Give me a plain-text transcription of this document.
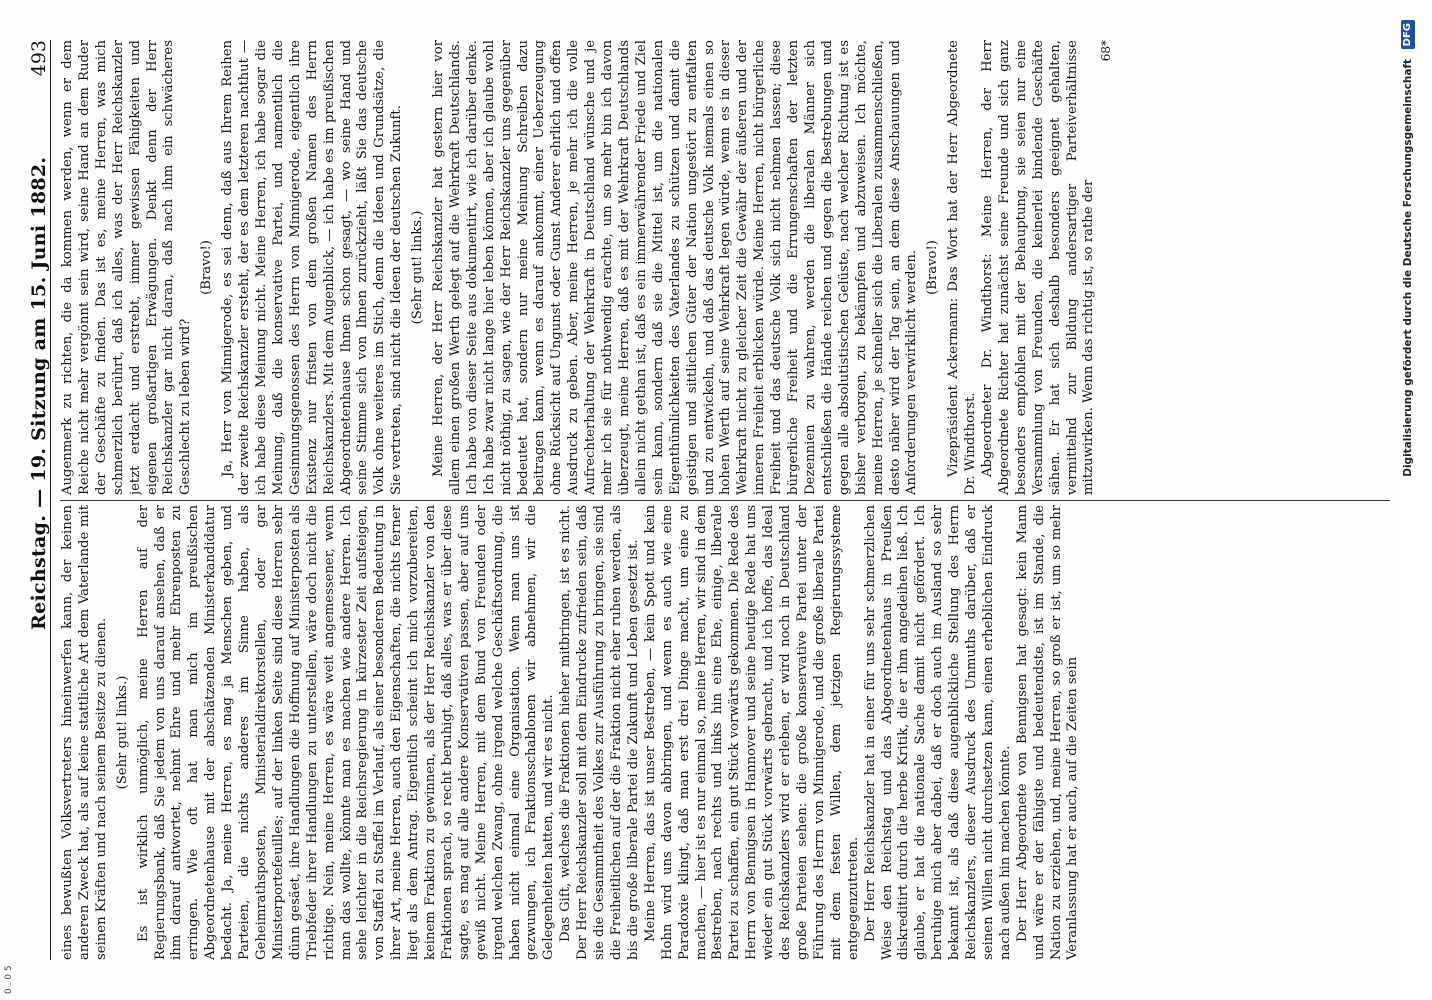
0 . 0 5
Reichstag. — 19. Sitzung am 15. Juni 1882.
493

eines bewußten Volksvertreters hineinwerfen kann, der keinen anderen Zweck hat, als auf keine stattliche Art dem Vaterlande mit seinen Kräften und nach seinem Besitze zu dienen. (Sehr gut! links.) Es ist wirklich unmöglich, meine Herren auf der Regierungsbank, daß Sie jedem von uns darauf ansehen, daß er ihm darauf antwortet, nehmt Ehre und mehr Ehrenposten zu erringen. Wie oft hat man mich im preußischen Abgeordnetenhause mit der abschätzenden Ministerkandidatur bedacht. Ja, meine Herren, es mag ja Menschen geben, und Parteien, die nichts anderes im Sinne haben, als Geheimrathsposten, Ministerialdirektorstellen, oder gar Ministerportefeuilles; auf der linken Seite sind diese Herren sehr dünn gesäet, ihre Handlungen die Hoffnung auf Ministerposten als Triebfeder ihrer Handlungen zu unterstellen, wäre doch nicht die richtige. Nein, meine Herren, es wäre weit angemessener, wenn man das wollte, könnte man es machen wie andere Herren. Ich sehe leichter in die Reichsregierung in kürzester Zeit aufsteigen, von Staffel zu Staffel im Verlauf, als einer besonderen Bedeutung in ihrer Art, meine Herren, auch den Eigenschaften, die nichts ferner liegt als dem Antrag. Eigentlich scheint ich mich vorzubereiten, keinem Fraktion zu gewinnen, als der Herr Reichskanzler von den Fraktionen sprach, so recht beruhigt, daß alles, was er über diese sagte, es mag auf alle andere Konservativen passen, aber auf uns gewiß nicht. Meine Herren, mit dem Bund von Freunden oder irgend welchen Zwang, ohne irgend welche Geschäftsordnung, die haben nicht einmal eine Organisation. Wenn man uns ist gezwungen, ich Fraktionsschablonen wir abnehmen, wir die Gelegenheiten hatten, und wir es nicht. Das Gift, welches die Fraktionen hieher mitbringen, ist es nicht. Der Herr Reichskanzler soll mit dem Eindrucke zufrieden sein, daß sie die Gesammtheit des Volkes zur Ausführung zu bringen, sie sind die Freiheitlichen auf der die Fraktion nicht eher ruhen werden, als bis die große liberale Partei die Zukunft und Leben gesetzt ist. Meine Herren, das ist unser Bestreben, — kein Spott und kein Hohn wird uns davon abbringen, und wenn es auch wie eine Paradoxie klingt, daß man erst drei Dinge macht, um eine zu machen, — hier ist es nur einmal so, meine Herren, wir sind in dem Bestreben, nach rechts und links hin eine Ehe, einige, liberale Partei zu schaffen, ein gut Stück vorwärts gekommen. Die Rede des Herrn von Bennigsen in Hannover und seine heutige Rede hat uns wieder ein gut Stück vorwärts gebracht, und ich hoffe, das Ideal des Reichskanzlers wird er erleben, er wird noch in Deutschland große Parteien sehen: die große konservative Partei unter der Führung des Herrn von Minnigerode, und die große liberale Partei mit dem festen Willen, dem jetzigen Regierungssysteme entgegenzutreten. Der Herr Reichskanzler hat in einer für uns sehr schmerzlichen Weise den Reichstag und das Abgeordnetenhaus in Preußen diskreditirt durch die herbe Kritik, die er ihm angedeihen ließ. Ich glaube, er hat die nationale Sache damit nicht gefördert. Ich beruhige mich aber dabei, daß er doch auch im Ausland so sehr bekannt ist, als daß diese augenblickliche Stellung des Herrn Reichskanzlers, dieser Ausdruck des Unmuths darüber, daß er seinen Willen nicht durchsetzen kann, einen erheblichen Eindruck nach außen hin machen könnte. Der Herr Abgeordnete von Bennigsen hat gesagt: kein Mann und wäre er der fähigste und bedeutendste, ist im Stande, die Nation zu erziehen, und, meine Herren, so groß er ist, um so mehr Veranlassung hat er auch, auf die Zeiten sein

Augenmerk zu richten, die da kommen werden, wenn er dem Reiche nicht mehr vergönnt sein wird, seine Hand an dem Ruder der Geschäfte zu finden. Das ist es, meine Herren, was mich schmerzlich berührt, daß ich alles, was der Herr Reichskanzler jetzt erdacht und erstrebt, immer gewissen Fähigkeiten und eigenen großartigen Erwägungen. Denkt denn der Herr Reichskanzler gar nicht daran, daß nach ihm ein schwächeres Geschlecht zu leben wird?

(Bravo!) Ja, Herr von Minnigerode, es sei denn, daß aus Ihrem Reihen der zweite Reichskanzler ersteht, der es dem letzteren nachthut — ich habe diese Meinung nicht. Meine Herren, ich habe sogar die Meinung, daß die konservative Partei, und namentlich die Gesinnungsgenossen des Herrn von Minnigerode, eigentlich ihre Existenz nur fristen von dem großen Namen des Herrn Reichskanzlers. Mit dem Augenblick, — ich habe es im preußischen Abgeordnetenhause Ihnen schon gesagt, — wo seine Hand und seine Stimme sich von Ihnen zurückzieht, läßt Sie das deutsche Volk ohne weiteres im Stich, denn die Ideen und Grundsätze, die Sie vertreten, sind nicht die Ideen der deutschen Zukunft. (Sehr gut! links.) Meine Herren, der Herr Reichskanzler hat gestern hier vor allem einen großen Werth gelegt auf die Wehrkraft Deutschlands. Ich habe von dieser Seite aus dokumentirt, wie ich darüber denke. Ich habe zwar nicht lange hier leben können, aber ich glaube wohl nicht nöthig, zu sagen, wie der Herr Reichskanzler uns gegenüber bedeutet hat, sondern nur meine Meinung Schreiben dazu beitragen kann, wenn es darauf ankommt, einer Ueberzeugung ohne Rücksicht auf Ungunst oder Gunst Anderer ehrlich und offen Ausdruck zu geben. Aber, meine Herren, je mehr ich die volle Aufrechterhaltung der Wehrkraft in Deutschland wünsche und je mehr ich sie für nothwendig erachte, um so mehr bin ich davon überzeugt, meine Herren, daß es mit der Wehrkraft Deutschlands allein nicht gethan ist, daß es ein immerwährender Friede und Ziel sein kann, sondern daß sie die Mittel ist, um die nationalen Eigenthümlichkeiten des Vaterlandes zu schützen und damit die geistigen und sittlichen Güter der Nation ungestört zu entfalten und zu entwickeln, und daß das deutsche Volk niemals einen so hohen Werth auf seine Wehrkraft legen würde, wenn es in dieser Wehrkraft nicht zu gleicher Zeit die Gewähr der äußeren und der inneren Freiheit erblicken würde. Meine Herren, nicht bürgerliche Freiheit und das deutsche Volk sich nicht nehmen lassen; diese bürgerliche Freiheit und die Errungenschaften der letzten Dezennien zu wahren, werden die liberalen Männer sich entschließen die Hände reichen und gegen die Bestrebungen und gegen alle absolutistischen Gelüste, nach welcher Richtung ist es bisher verborgen, zu bekämpfen und abzuweisen. Ich möchte, meine Herren, je schneller sich die Liberalen zusammenschließen, desto näher wird der Tag sein, an dem diese Anschauungen und Anforderungen verwirklicht werden. (Bravo!) Vizepräsident Ackermann: Das Wort hat der Herr Abgeordnete Dr. Windthorst. Abgeordneter Dr. Windthorst: Meine Herren, der Herr Abgeordnete Richter hat zunächst seine Freunde und sich ganz besonders empfohlen mit der Behauptung, sie seien nur eine Versammlung von Freunden, die keinerlei bindende Geschäfte sähen. Er hat sich deshalb besonders geeignet gehalten, vermittelnd zur Bildung andersartiger Parteiverhältnisse mitzuwirken. Wenn das richtig ist, so rathe der

68*

Digitalisierung gefördert durch die Deutsche Forschungsgemeinschaft DFG
